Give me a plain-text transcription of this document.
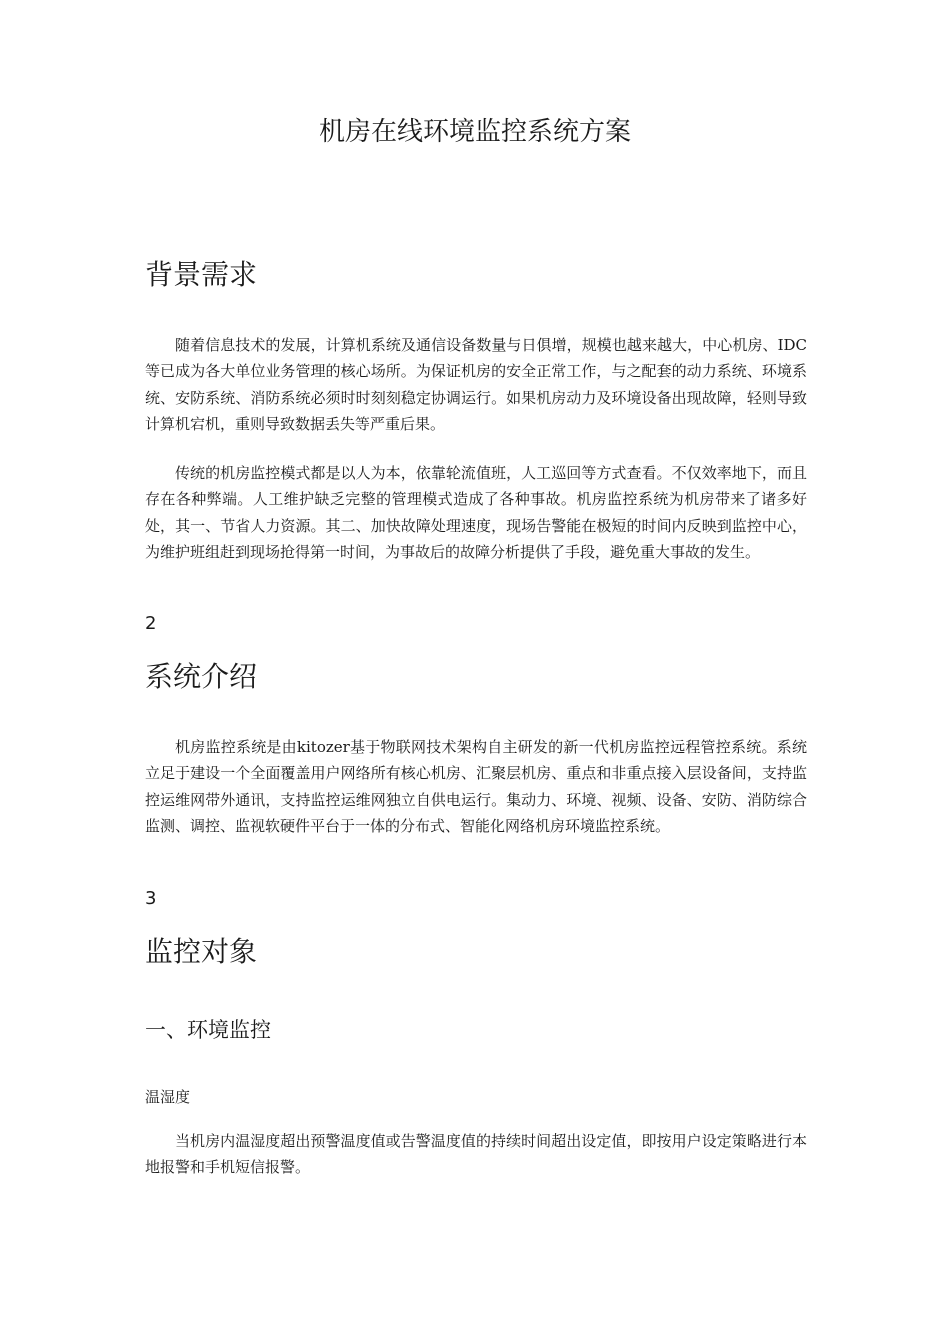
机房在线环境监控系统方案
背景需求

随着信息技术的发展，计算机系统及通信设备数量与日俱增，规模也越来越大，中心机房、IDC等已成为各大单位业务管理的核心场所。为保证机房的安全正常工作，与之配套的动力系统、环境系统、安防系统、消防系统必须时时刻刻稳定协调运行。如果机房动力及环境设备出现故障，轻则导致计算机宕机，重则导致数据丢失等严重后果。

传统的机房监控模式都是以人为本，依靠轮流值班，人工巡回等方式查看。不仅效率地下，而且存在各种弊端。人工维护缺乏完整的管理模式造成了各种事故。机房监控系统为机房带来了诸多好处，其一、节省人力资源。其二、加快故障处理速度，现场告警能在极短的时间内反映到监控中心，为维护班组赶到现场抢得第一时间，为事故后的故障分析提供了手段，避免重大事故的发生。

2
系统介绍

机房监控系统是由kitozer基于物联网技术架构自主研发的新一代机房监控远程管控系统。系统立足于建设一个全面覆盖用户网络所有核心机房、汇聚层机房、重点和非重点接入层设备间，支持监控运维网带外通讯，支持监控运维网独立自供电运行。集动力、环境、视频、设备、安防、消防综合监测、调控、监视软硬件平台于一体的分布式、智能化网络机房环境监控系统。

3
监控对象
一、环境监控
温湿度

当机房内温湿度超出预警温度值或告警温度值的持续时间超出设定值，即按用户设定策略进行本地报警和手机短信报警。
